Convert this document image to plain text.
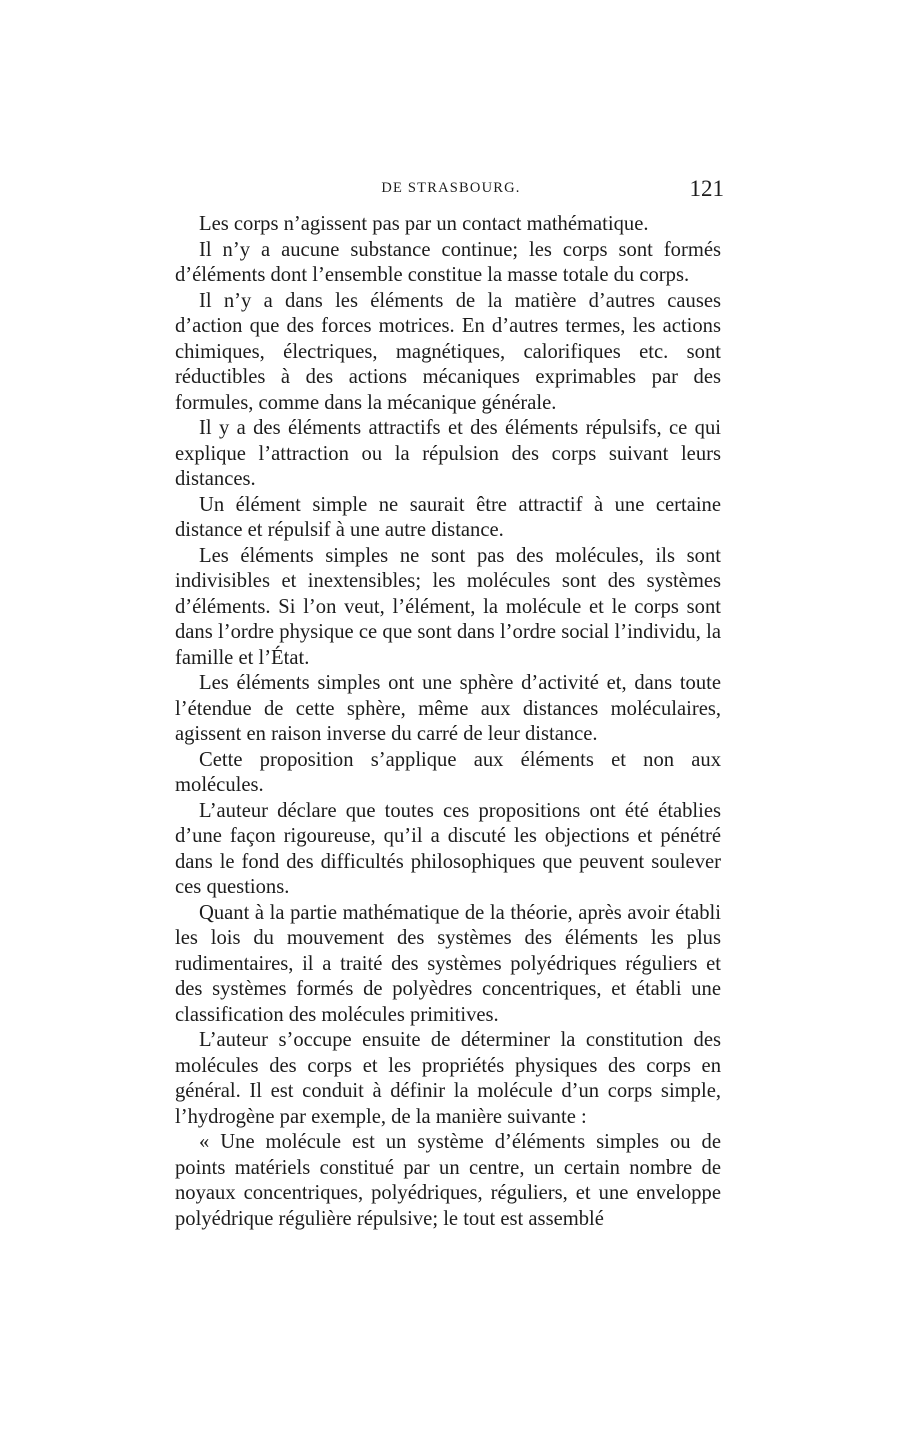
DE STRASBOURG.	121

Les corps n’agissent pas par un contact mathématique.

Il n’y a aucune substance continue; les corps sont formés d’éléments dont l’ensemble constitue la masse totale du corps.

Il n’y a dans les éléments de la matière d’autres causes d’action que des forces motrices. En d’autres termes, les actions chimiques, électriques, magnétiques, calorifiques etc. sont réductibles à des actions mécaniques exprimables par des formules, comme dans la mécanique générale.

Il y a des éléments attractifs et des éléments répulsifs, ce qui explique l’attraction ou la répulsion des corps suivant leurs distances.

Un élément simple ne saurait être attractif à une certaine distance et répulsif à une autre distance.

Les éléments simples ne sont pas des molécules, ils sont indivisibles et inextensibles; les molécules sont des systèmes d’éléments. Si l’on veut, l’élément, la molécule et le corps sont dans l’ordre physique ce que sont dans l’ordre social l’individu, la famille et l’État.

Les éléments simples ont une sphère d’activité et, dans toute l’étendue de cette sphère, même aux distances moléculaires, agissent en raison inverse du carré de leur distance.

Cette proposition s’applique aux éléments et non aux molécules.

L’auteur déclare que toutes ces propositions ont été établies d’une façon rigoureuse, qu’il a discuté les objections et pénétré dans le fond des difficultés philosophiques que peuvent soulever ces questions.

Quant à la partie mathématique de la théorie, après avoir établi les lois du mouvement des systèmes des éléments les plus rudimentaires, il a traité des systèmes polyédriques réguliers et des systèmes formés de polyèdres concentriques, et établi une classification des molécules primitives.

L’auteur s’occupe ensuite de déterminer la constitution des molécules des corps et les propriétés physiques des corps en général. Il est conduit à définir la molécule d’un corps simple, l’hydrogène par exemple, de la manière suivante :

« Une molécule est un système d’éléments simples ou de points matériels constitué par un centre, un certain nombre de noyaux concentriques, polyédriques, réguliers, et une enveloppe polyédrique régulière répulsive; le tout est assemblé
